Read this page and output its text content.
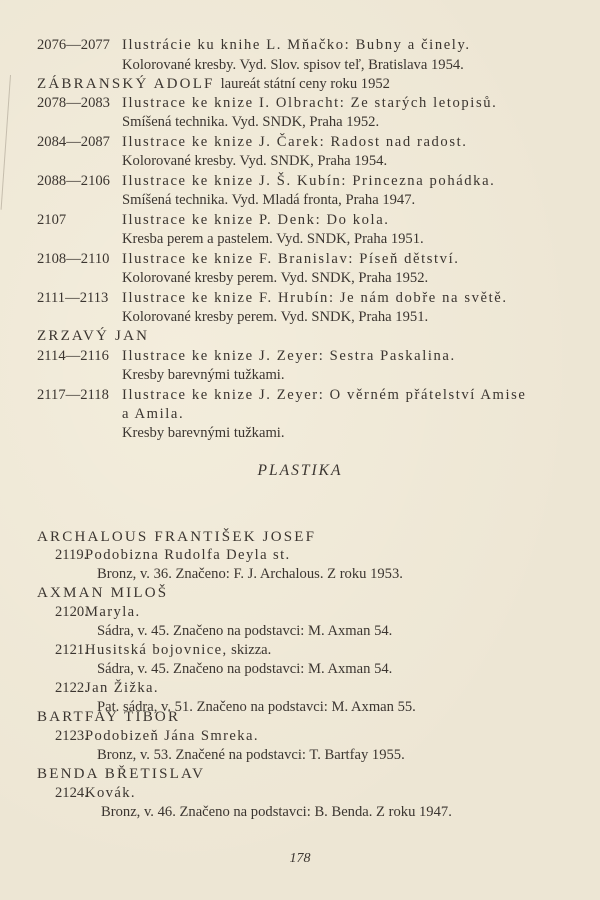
2076—2077 Ilustrácie ku knihe L. Mňačko: Bubny a činely.
Kolorované kresby. Vyd. Slov. spisov teľ, Bratislava 1954.
ZÁBRANSKÝ ADOLF laureát státní ceny roku 1952
2078—2083 Ilustrace ke knize I. Olbracht: Ze starých letopisů.
Smíšená technika. Vyd. SNDK, Praha 1952.
2084—2087 Ilustrace ke knize J. Čarek: Radost nad radost.
Kolorované kresby. Vyd. SNDK, Praha 1954.
2088—2106 Ilustrace ke knize J. Š. Kubín: Princezna pohádka.
Smíšená technika. Vyd. Mladá fronta, Praha 1947.
2107	Ilustrace ke knize P. Denk: Do kola.
Kresba perem a pastelem. Vyd. SNDK, Praha 1951.
2108—2110 Ilustrace ke knize F. Branislav: Píseň dětství.
Kolorované kresby perem. Vyd. SNDK, Praha 1952.
2111—2113 Ilustrace ke knize F. Hrubín: Je nám dobře na světě.
Kolorované kresby perem. Vyd. SNDK, Praha 1951.
ZRZAVÝ JAN
2114—2116 Ilustrace ke knize J. Zeyer: Sestra Paskalina.
Kresby barevnými tužkami.
2117—2118 Ilustrace ke knize J. Zeyer: O věrném přátelství Amise
a Amila.
Kresby barevnými tužkami.
PLASTIKA
ARCHALOUS FRANTIŠEK JOSEF
2119.
Podobizna Rudolfa Deyla st.
Bronz, v. 36. Značeno: F. J. Archalous. Z roku 1953.
AXMAN MILOŠ
2120.
Maryla.
Sádra, v. 45. Značeno na podstavci: M. Axman 54.
2121.
Husitská bojovnice, skizza.
Sádra, v. 45. Značeno na podstavci: M. Axman 54.
2122.
Jan Žižka.
Pat. sádra, v. 51. Značeno na podstavci: M. Axman 55.
BARTFAY TIBOR
2123.
Podobizeň Jána Smreka.
Bronz, v. 53. Značené na podstavci: T. Bartfay 1955.
BENDA BŘETISLAV
2124.
Kovák.
Bronz, v. 46. Značeno na podstavci: B. Benda. Z roku 1947.
178
